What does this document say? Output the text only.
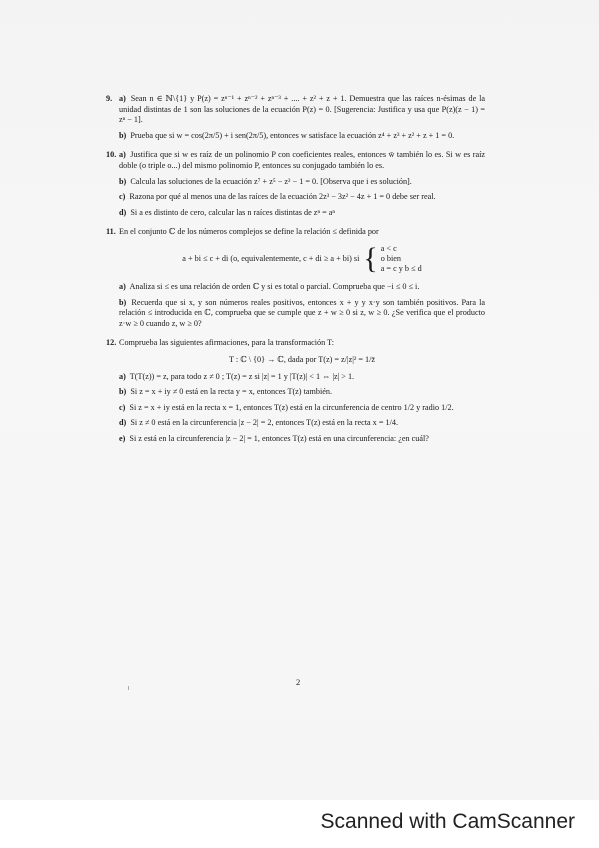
9. a) Sean n ∈ ℕ\{1} y P(z) = zⁿ⁻¹ + zⁿ⁻² + zⁿ⁻³ + .... + z² + z + 1. Demuestra que las raíces n-ésimas de la unidad distintas de 1 son las soluciones de la ecuación P(z) = 0. [Sugerencia: Justifica y usa que P(z)(z − 1) = zⁿ − 1].

b) Prueba que si w = cos(2π/5) + i sen(2π/5), entonces w satisface la ecuación z⁴ + z³ + z² + z + 1 = 0.

10. a) Justifica que si w es raíz de un polinomio P con coeficientes reales, entonces w̄ también lo es. Si w es raíz doble (o triple o...) del mismo polinomio P, entonces su conjugado también lo es.

b) Calcula las soluciones de la ecuación z⁷ + z⁵ − z² − 1 = 0. [Observa que i es solución].

c) Razona por qué al menos una de las raíces de la ecuación 2z³ − 3z² − 4z + 1 = 0 debe ser real.

d) Si a es distinto de cero, calcular las n raíces distintas de zⁿ = aⁿ

11. En el conjunto ℂ de los números complejos se define la relación ≤ definida por

a + bi ≤ c + di (o, equivalentemente, c + di ≥ a + bi) si { a < c
o bien
a = c y b ≤ d

a) Analiza si ≤ es una relación de orden ℂ y si es total o parcial. Comprueba que −i ≤ 0 ≤ i.

b) Recuerda que si x, y son números reales positivos, entonces x + y y x·y son también positivos. Para la relación ≤ introducida en ℂ, comprueba que se cumple que z + w ≥ 0 si z, w ≥ 0. ¿Se verifica que el producto z·w ≥ 0 cuando z, w ≥ 0?

12. Comprueba las siguientes afirmaciones, para la transformación T:

T : ℂ \ {0} → ℂ, dada por T(z) = z/|z|² = 1/z̄

a) T(T(z)) = z, para todo z ≠ 0 ; T(z) = z si |z| = 1 y |T(z)| < 1 ⇔ |z| > 1.

b) Si z = x + iy ≠ 0 está en la recta y = x, entonces T(z) también.

c) Si z = x + iy está en la recta x = 1, entonces T(z) está en la circunferencia de centro 1/2 y radio 1/2.

d) Si z ≠ 0 está en la circunferencia |z − 2| = 2, entonces T(z) está en la recta x = 1/4.

e) Si z está en la circunferencia |z − 2| = 1, entonces T(z) está en una circunferencia: ¿en cuál?

2
Scanned with CamScanner
